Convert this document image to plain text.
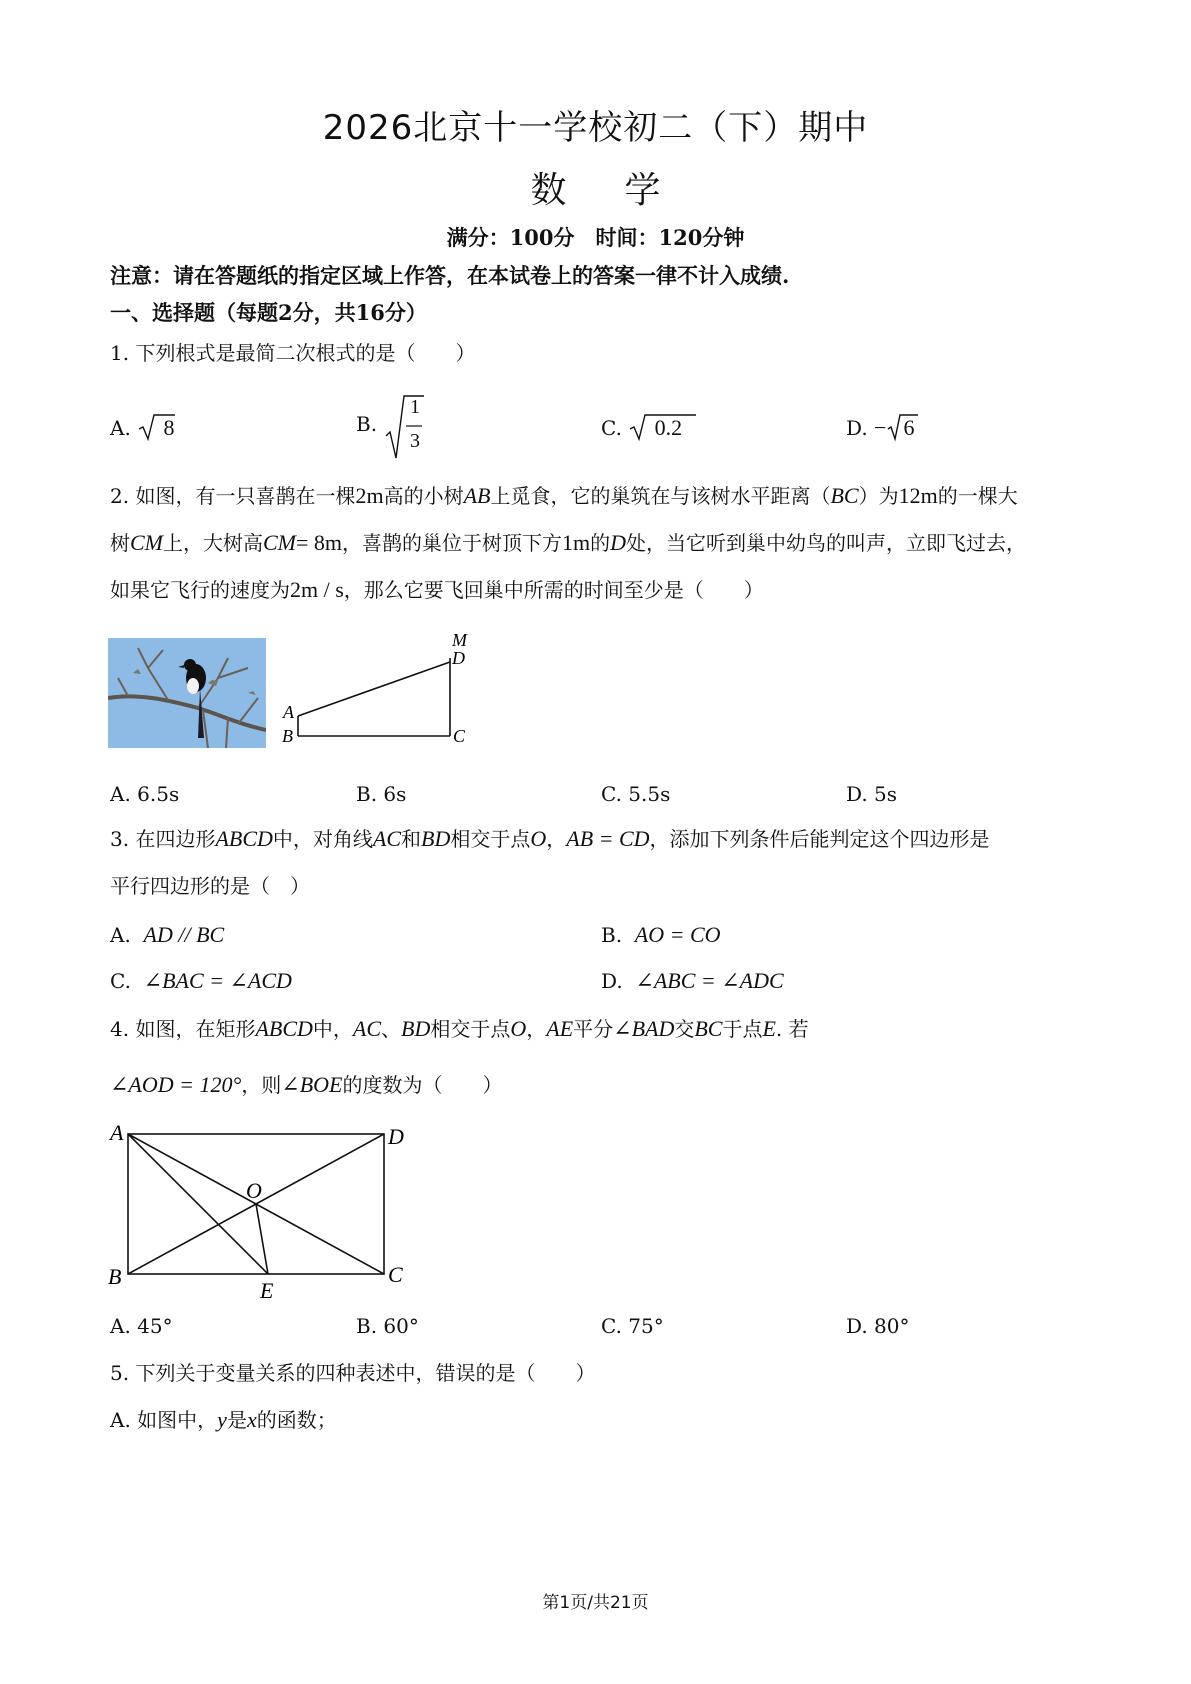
2026北京十一学校初二（下）期中
数学
满分：100分　时间：120分钟
注意：请在答题纸的指定区域上作答，在本试卷上的答案一律不计入成绩.
一、选择题（每题2分，共16分）
1. 下列根式是最简二次根式的是（　　）
A. 8	B.
1
3
C. 0.2	D. − 6
2. 如图，有一只喜鹊在一棵2m高的小树AB上觅食，它的巢筑在与该树水平距离（BC）为12m的一棵大
树CM上，大树高CM= 8m，喜鹊的巢位于树顶下方1m的D处，当它听到巢中幼鸟的叫声，立即飞过去，
如果它飞行的速度为2m / s，那么它要飞回巢中所需的时间至少是（　　）
M
D
A
B	C
A. 6.5s	B. 6s	C. 5.5s	D. 5s
3. 在四边形ABCD中，对角线AC和BD相交于点O，AB = CD，添加下列条件后能判定这个四边形是
平行四边形的是（　）
A. AD // BC	B. AO = CO
C. ∠BAC = ∠ACD	D. ∠ABC = ∠ADC
4. 如图，在矩形ABCD中，AC、BD相交于点O，AE平分∠BAD交BC于点E. 若
∠AOD = 120°，则∠BOE的度数为（　　）
A	D
O
B
E
C
A. 45°	B. 60°	C. 75°	D. 80°
5. 下列关于变量关系的四种表述中，错误的是（　　）
A. 如图中，y是x的函数；
第1页/共21页
